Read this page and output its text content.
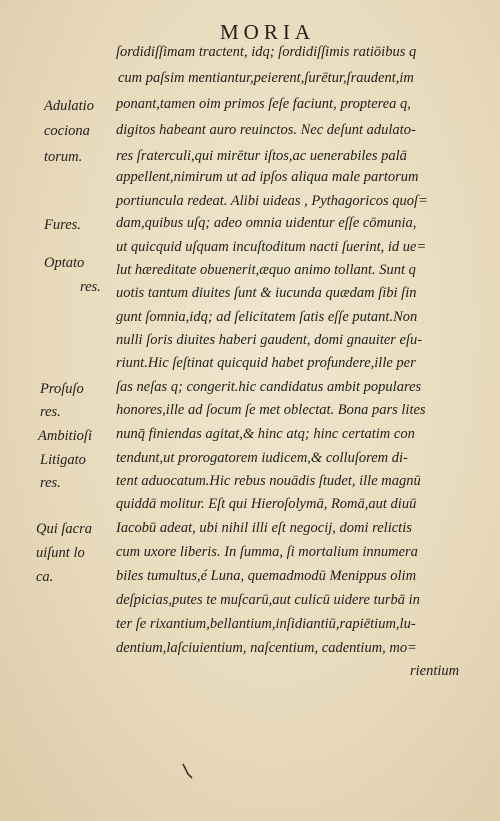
MORIA
ſordidiſſimam tractent, idq; ſordidiſſimis ratiōibus q
cum paſsim mentiantur,peierent,ſurētur,ſraudent,im
ponant,tamen oim primos ſeſe faciunt, propterea q,
digitos habeant auro reuinctos. Nec deſunt adulato-
res ſraterculi,qui mirētur iſtos,ac uenerabiles palā
appellent,nimirum ut ad ipſos aliqua male partorum
portiuncula redeat. Alibi uideas , Pythagoricos quoſ=
dam,quibus uſq; adeo omnia uidentur eſſe cōmunia,
ut quicquid uſquam incuſtoditum nacti ſuerint, id ue=
lut hæreditate obuenerit,æquo animo tollant. Sunt q
uotis tantum diuites ſunt & iucunda quædam ſibi ſin
gunt ſomnia,idq; ad ſelicitatem ſatis eſſe putant.Non
nulli ſoris diuites haberi gaudent, domi gnauiter eſu-
riunt.Hic ſeſtinat quicquid habet profundere,ille per
ſas neſas q; congerit.hic candidatus ambit populares
honores,ille ad ſocum ſe met oblectat. Bona pars lites
nunq̄ finiendas agitat,& hinc atq; hinc certatim con
tendunt,ut prorogatorem iudicem,& colluſorem di-
tent aduocatum.Hic rebus nouādis ſtudet, ille magnū
quiddā molitur. Eſt qui Hieroſolymā, Romā,aut diuū
Iacobū adeat, ubi nihil illi eſt negocij, domi relictis
cum uxore liberis. In ſumma, ſi mortalium innumera
biles tumultus,é Luna, quemadmodū Menippus olim
deſpicias,putes te muſcarū,aut culicū uidere turbā in
ter ſe rixantium,bellantium,inſidiantiū,rapiētium,lu-
dentium,laſciuientium, naſcentium, cadentium, mo=
rientium
Adulatio
cociona
torum.
Fures.
Optato
res.
Proſuſo
res.
Ambitioſi
Litigato
res.
Qui ſacra
uiſunt lo
ca.
